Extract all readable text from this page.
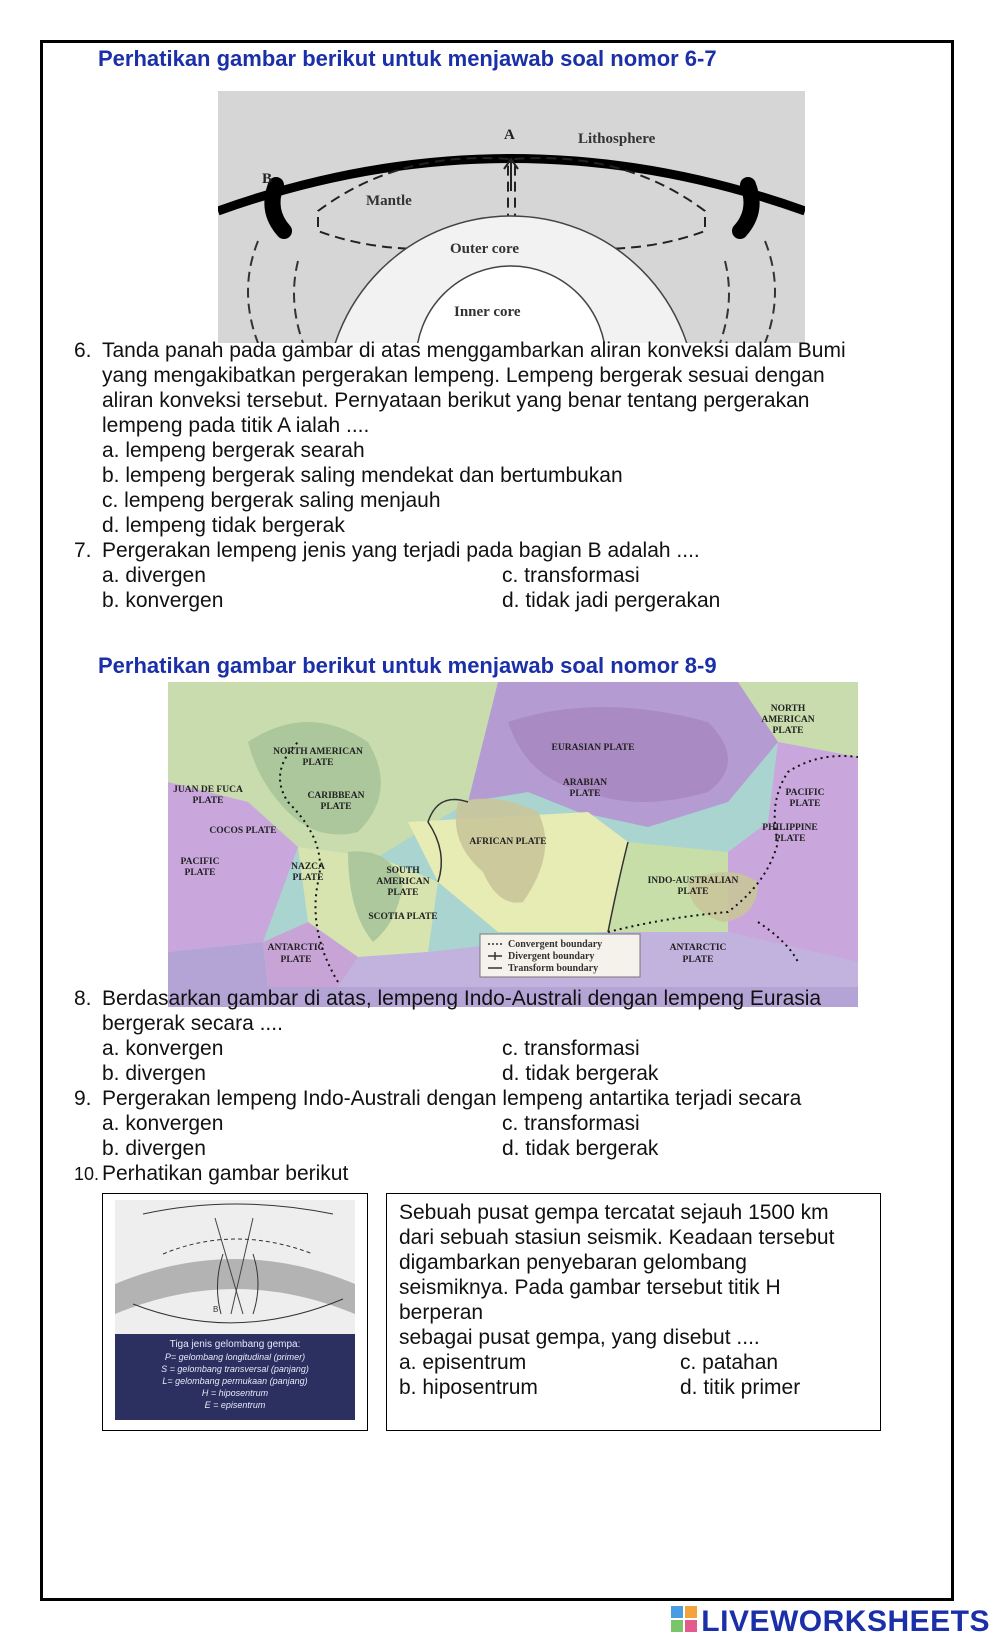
Perhatikan gambar berikut untuk menjawab soal nomor 6-7
A	Lithosphere
B
Mantle
Outer core
Inner core
6. Tanda panah pada gambar di atas menggambarkan aliran konveksi dalam Bumi
yang mengakibatkan pergerakan lempeng. Lempeng bergerak sesuai dengan
aliran konveksi tersebut. Pernyataan berikut yang benar tentang pergerakan
lempeng pada titik A ialah ....
a. lempeng bergerak searah
b. lempeng bergerak saling mendekat dan bertumbukan
c. lempeng bergerak saling menjauh
d. lempeng tidak bergerak
7. Pergerakan lempeng jenis yang terjadi pada bagian B adalah ....
a. divergen
b. konvergen
c. transformasi
d. tidak jadi pergerakan
Perhatikan gambar berikut untuk menjawab soal nomor 8-9
NORTH
AMERICAN
PLATE
NORTH AMERICAN
PLATE
EURASIAN PLATE
JUAN DE FUCA
PLATE	CARIBBEAN
PLATE
ARABIAN
PLATE	PACIFIC
PLATE
COCOS PLATE
AFRICAN PLATE
PHILIPPINE
PLATE
PACIFIC
PLATE
NAZCA
PLATE
SOUTH
AMERICAN
PLATE
INDO-AUSTRALIAN
PLATE
SCOTIA PLATE
ANTARCTIC
PLATE
ANTARCTIC
PLATE
Convergent boundary
Divergent boundary
Transform boundary
8. Berdasarkan gambar di atas, lempeng Indo-Australi dengan lempeng Eurasia
bergerak secara ....
a. konvergen
b. divergen
c. transformasi
d. tidak bergerak
9. Pergerakan lempeng Indo-Australi dengan lempeng antartika terjadi secara
a. konvergen
b. divergen
c. transformasi
d. tidak bergerak
10. Perhatikan gambar berikut
B
Tiga jenis gelombang gempa:
P= gelombang longitudinal (primer)
S = gelombang transversal (panjang)
L= gelombang permukaan (panjang)
H = hiposentrum
E = episentrum
Sebuah pusat gempa tercatat sejauh 1500 km
dari sebuah stasiun seismik. Keadaan tersebut
digambarkan penyebaran gelombang
seismiknya. Pada gambar tersebut titik H
berperan
sebagai pusat gempa, yang disebut ....
a. episentrum
b. hiposentrum
c. patahan
d. titik primer
LIVEWORKSHEETS
